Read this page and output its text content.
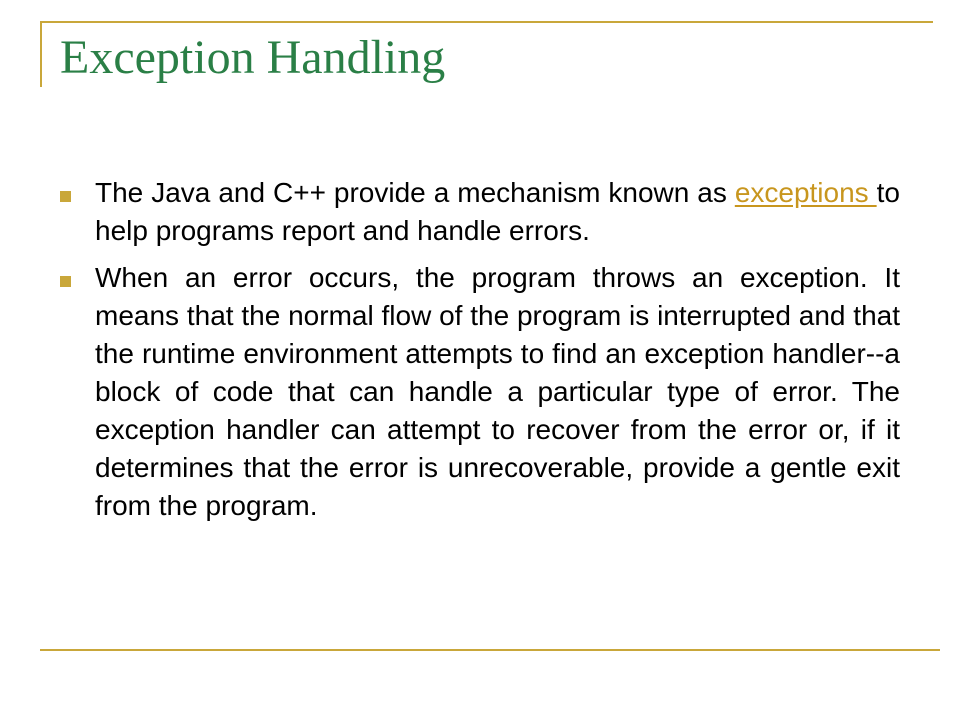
Exception Handling
The Java and C++ provide a mechanism known as exceptions to help programs report and handle errors.
When an error occurs, the program throws an exception. It means that the normal flow of the program is interrupted and that the runtime environment attempts to find an exception handler--a block of code that can handle a particular type of error. The exception handler can attempt to recover from the error or, if it determines that the error is unrecoverable, provide a gentle exit from the program.
